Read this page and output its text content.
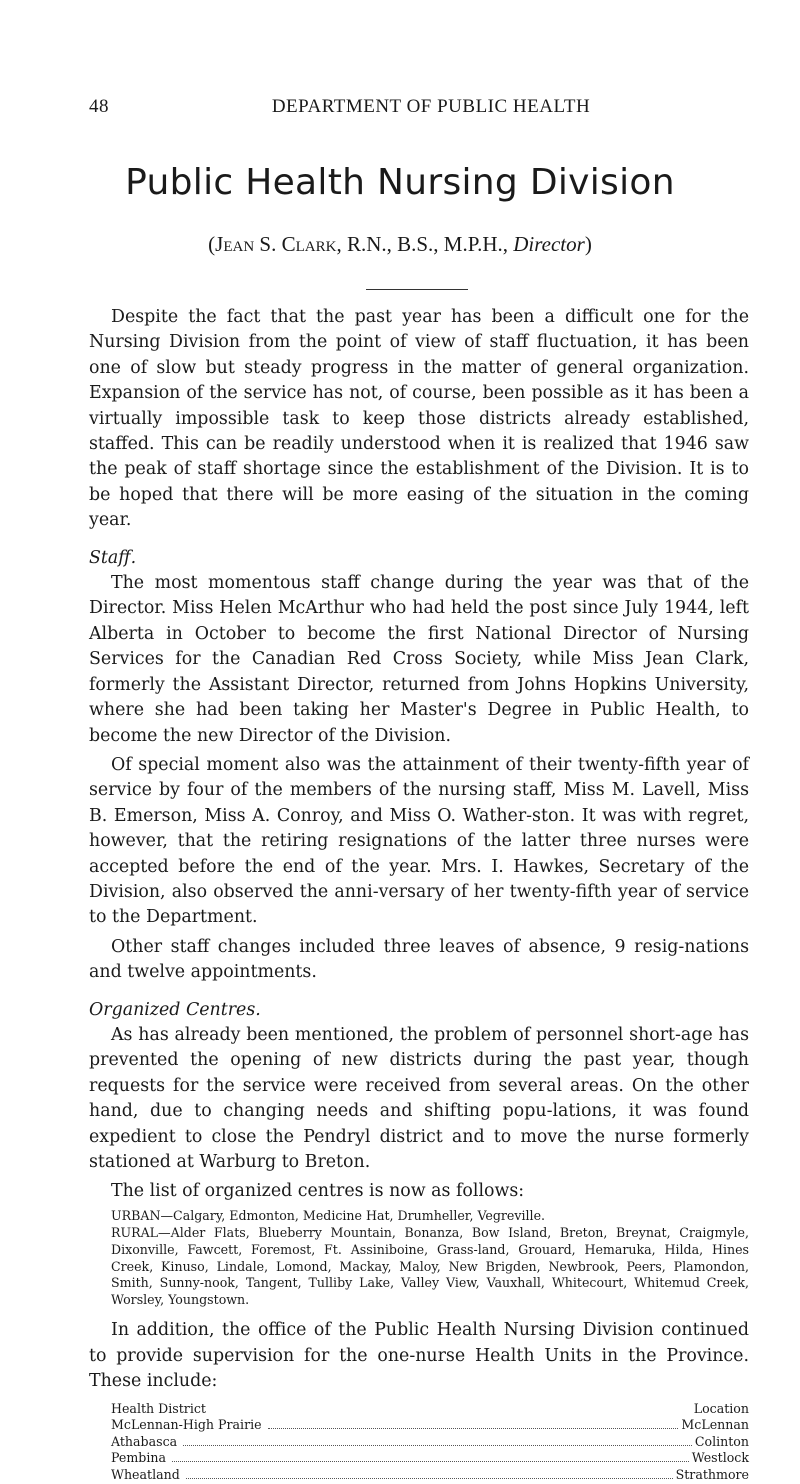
48	DEPARTMENT OF PUBLIC HEALTH
Public Health Nursing Division
(Jean S. Clark, R.N., B.S., M.P.H., Director)

Despite the fact that the past year has been a difficult one for the Nursing Division from the point of view of staff fluctuation, it has been one of slow but steady progress in the matter of general organization. Expansion of the service has not, of course, been possible as it has been a virtually impossible task to keep those districts already established, staffed. This can be readily understood when it is realized that 1946 saw the peak of staff shortage since the establishment of the Division. It is to be hoped that there will be more easing of the situation in the coming year.

Staff.

The most momentous staff change during the year was that of the Director. Miss Helen McArthur who had held the post since July 1944, left Alberta in October to become the first National Director of Nursing Services for the Canadian Red Cross Society, while Miss Jean Clark, formerly the Assistant Director, returned from Johns Hopkins University, where she had been taking her Master's Degree in Public Health, to become the new Director of the Division.

Of special moment also was the attainment of their twenty-fifth year of service by four of the members of the nursing staff, Miss M. Lavell, Miss B. Emerson, Miss A. Conroy, and Miss O. Wather-ston. It was with regret, however, that the retiring resignations of the latter three nurses were accepted before the end of the year. Mrs. I. Hawkes, Secretary of the Division, also observed the anni-versary of her twenty-fifth year of service to the Department.

Other staff changes included three leaves of absence, 9 resig-nations and twelve appointments.

Organized Centres.

As has already been mentioned, the problem of personnel short-age has prevented the opening of new districts during the past year, though requests for the service were received from several areas. On the other hand, due to changing needs and shifting popu-lations, it was found expedient to close the Pendryl district and to move the nurse formerly stationed at Warburg to Breton.

The list of organized centres is now as follows:

URBAN—Calgary, Edmonton, Medicine Hat, Drumheller, Vegreville.
RURAL—Alder Flats, Blueberry Mountain, Bonanza, Bow Island, Breton, Breynat, Craigmyle, Dixonville, Fawcett, Foremost, Ft. Assiniboine, Grass-land, Grouard, Hemaruka, Hilda, Hines Creek, Kinuso, Lindale, Lomond, Mackay, Maloy, New Brigden, Newbrook, Peers, Plamondon, Smith, Sunny-nook, Tangent, Tulliby Lake, Valley View, Vauxhall, Whitecourt, Whitemud Creek, Worsley, Youngstown.

In addition, the office of the Public Health Nursing Division continued to provide supervision for the one-nurse Health Units in the Province. These include:

Health District	Location
McLennan-High Prairie	McLennan
Athabasca	Colinton
Pembina	Westlock
Wheatland	Strathmore
